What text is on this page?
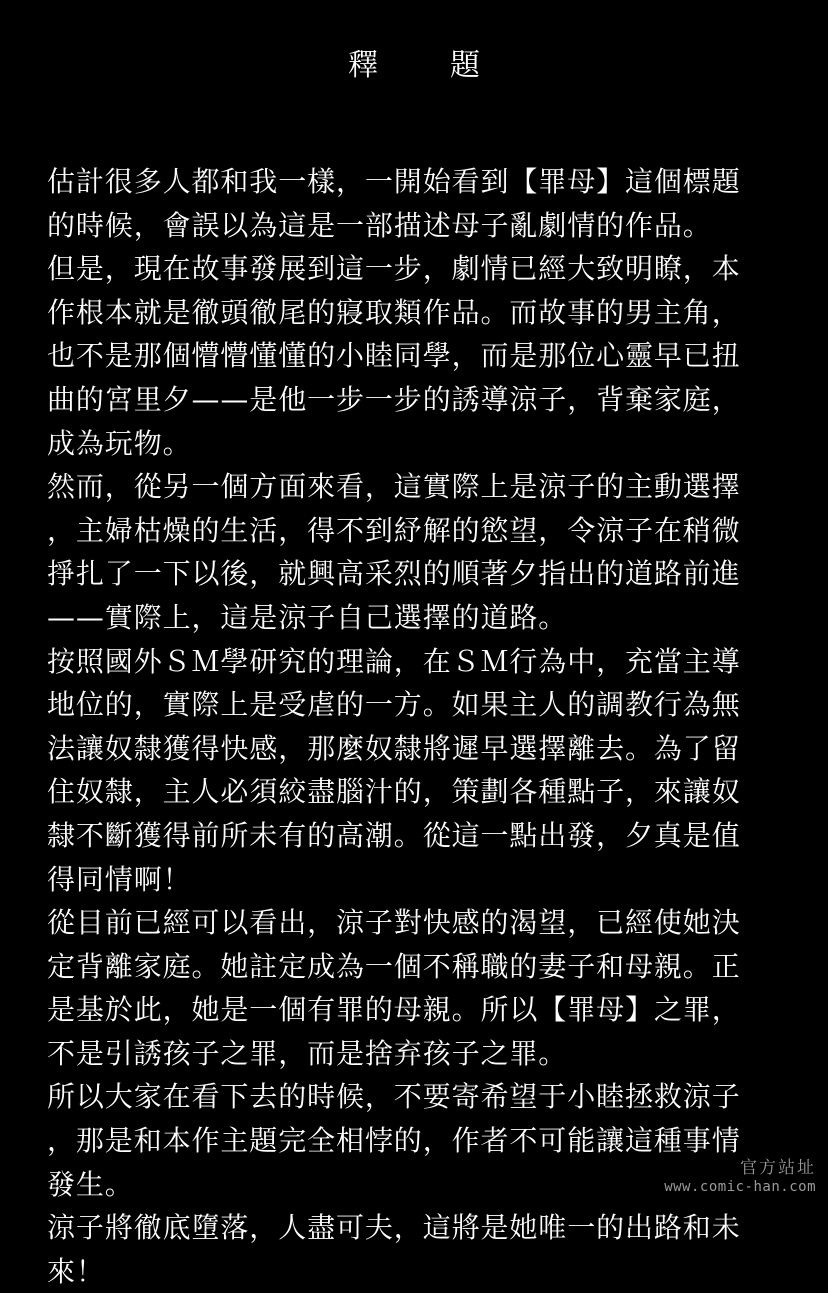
釋 題
估計很多人都和我一樣，一開始看到【罪母】這個標題
的時候，會誤以為這是一部描述母子亂劇情的作品。
但是，現在故事發展到這一步，劇情已經大致明瞭，本
作根本就是徹頭徹尾的寢取類作品。而故事的男主角，
也不是那個懵懵懂懂的小睦同學，而是那位心靈早已扭
曲的宮里夕——是他一步一步的誘導涼子，背棄家庭，
成為玩物。
然而，從另一個方面來看，這實際上是涼子的主動選擇
，主婦枯燥的生活，得不到紓解的慾望，令涼子在稍微
掙扎了一下以後，就興高采烈的順著夕指出的道路前進
——實際上，這是涼子自己選擇的道路。
按照國外ＳＭ學研究的理論，在ＳＭ行為中，充當主導
地位的，實際上是受虐的一方。如果主人的調教行為無
法讓奴隸獲得快感，那麼奴隸將遲早選擇離去。為了留
住奴隸，主人必須絞盡腦汁的，策劃各種點子，來讓奴
隸不斷獲得前所未有的高潮。從這一點出發，夕真是值
得同情啊！
從目前已經可以看出，涼子對快感的渴望，已經使她決
定背離家庭。她註定成為一個不稱職的妻子和母親。正
是基於此，她是一個有罪的母親。所以【罪母】之罪，
不是引誘孩子之罪，而是捨弃孩子之罪。
所以大家在看下去的時候，不要寄希望于小睦拯救涼子
，那是和本作主題完全相悖的，作者不可能讓這種事情
發生。
涼子將徹底墮落，人盡可夫，這將是她唯一的出路和未
來！
官方站址
www.comic-han.com
